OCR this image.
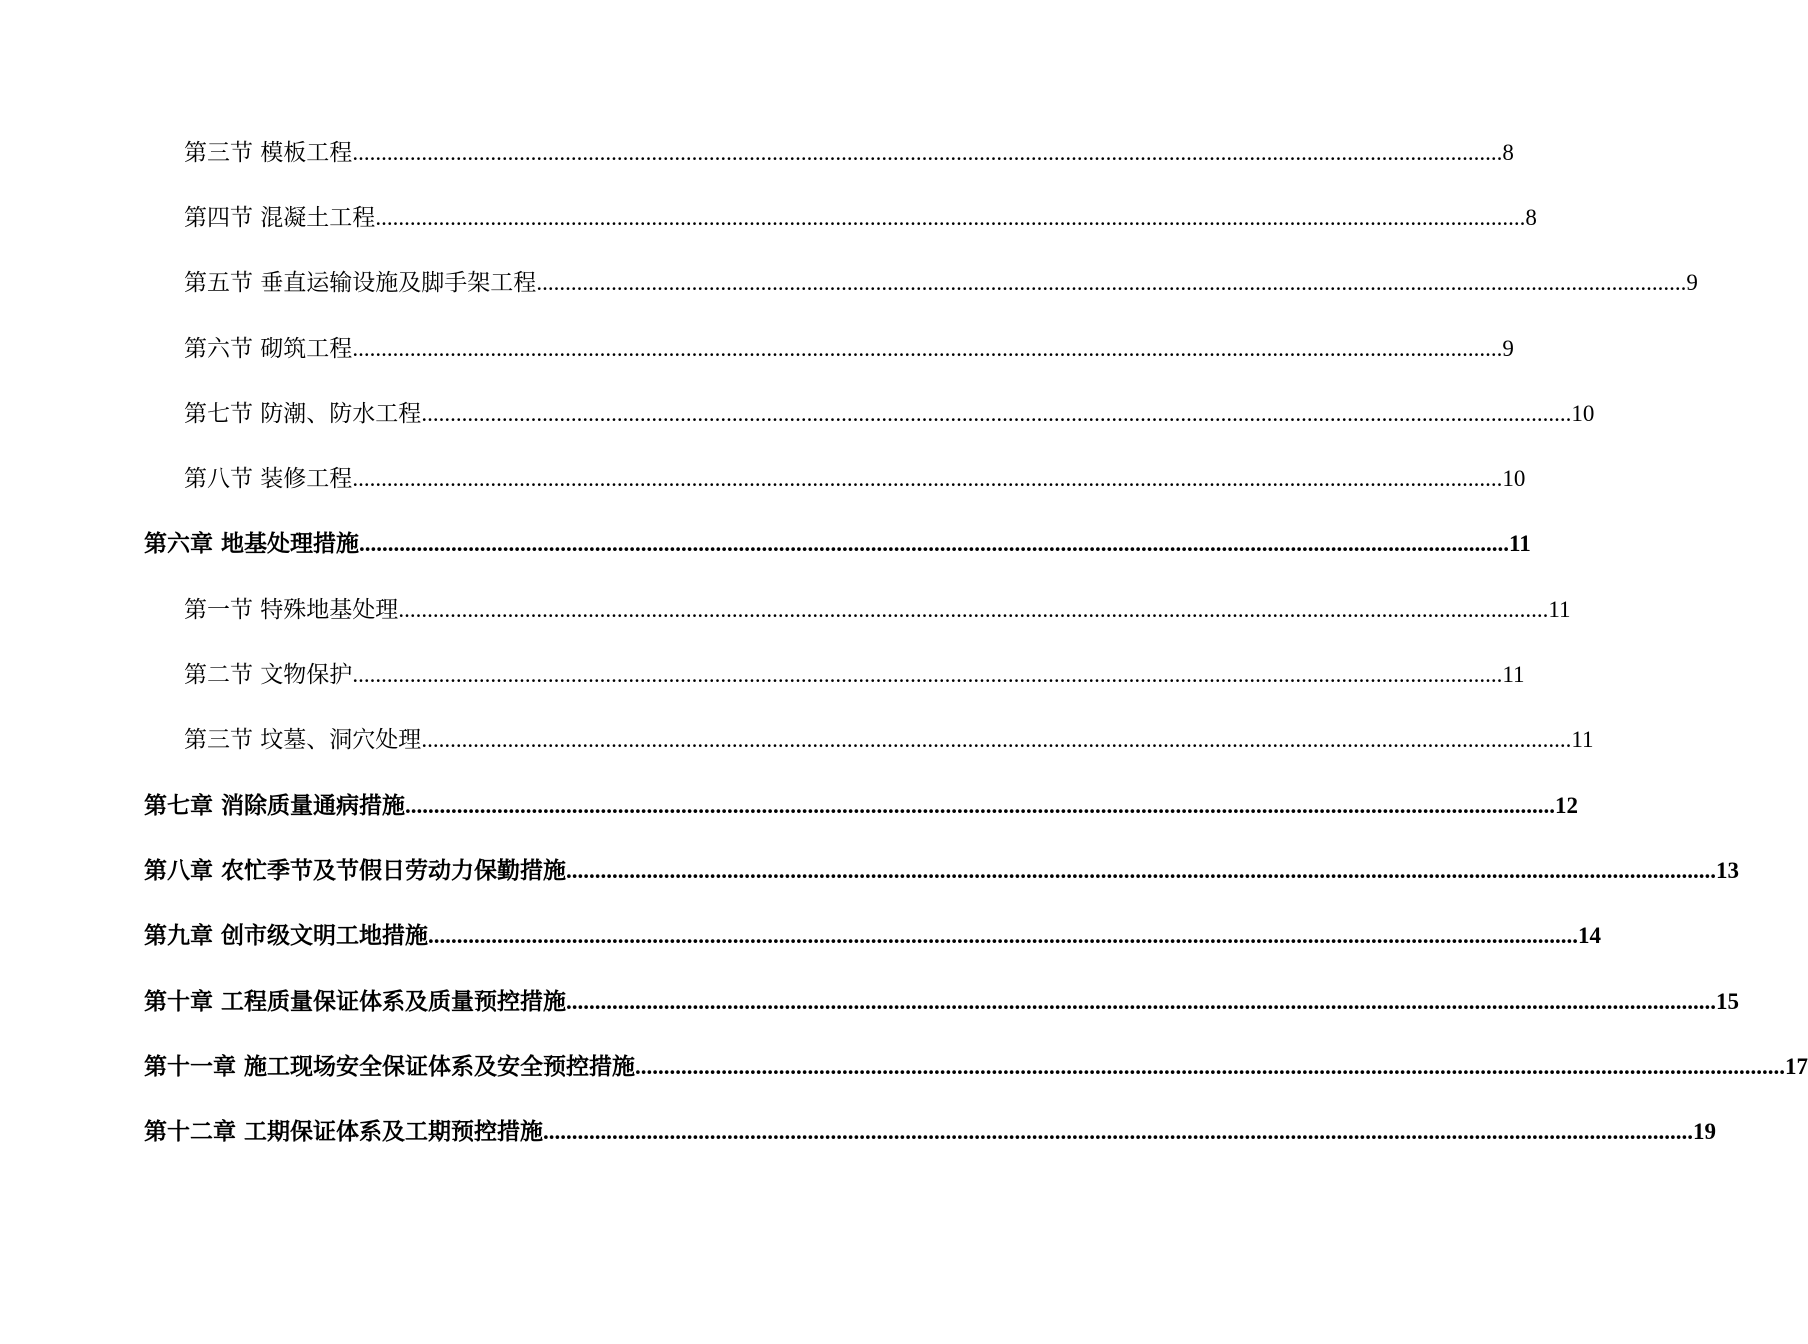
第三节 模板工程 ........................................................................................................................................................................................................ 8
第四节 混凝土工程 ........................................................................................................................................................................................................ 8
第五节 垂直运输设施及脚手架工程 ........................................................................................................................................................................................................ 9
第六节 砌筑工程 ........................................................................................................................................................................................................ 9
第七节 防潮、防水工程 ........................................................................................................................................................................................................ 10
第八节 装修工程 ........................................................................................................................................................................................................ 10
第六章 地基处理措施 ........................................................................................................................................................................................................ 11
第一节 特殊地基处理 ........................................................................................................................................................................................................ 11
第二节 文物保护 ........................................................................................................................................................................................................ 11
第三节 坟墓、洞穴处理 ........................................................................................................................................................................................................ 11
第七章 消除质量通病措施 ........................................................................................................................................................................................................ 12
第八章 农忙季节及节假日劳动力保勤措施 ........................................................................................................................................................................................................ 13
第九章 创市级文明工地措施 ........................................................................................................................................................................................................ 14
第十章 工程质量保证体系及质量预控措施 ........................................................................................................................................................................................................ 15
第十一章 施工现场安全保证体系及安全预控措施 ........................................................................................................................................................................................................ 17
第十二章 工期保证体系及工期预控措施 ........................................................................................................................................................................................................ 19
